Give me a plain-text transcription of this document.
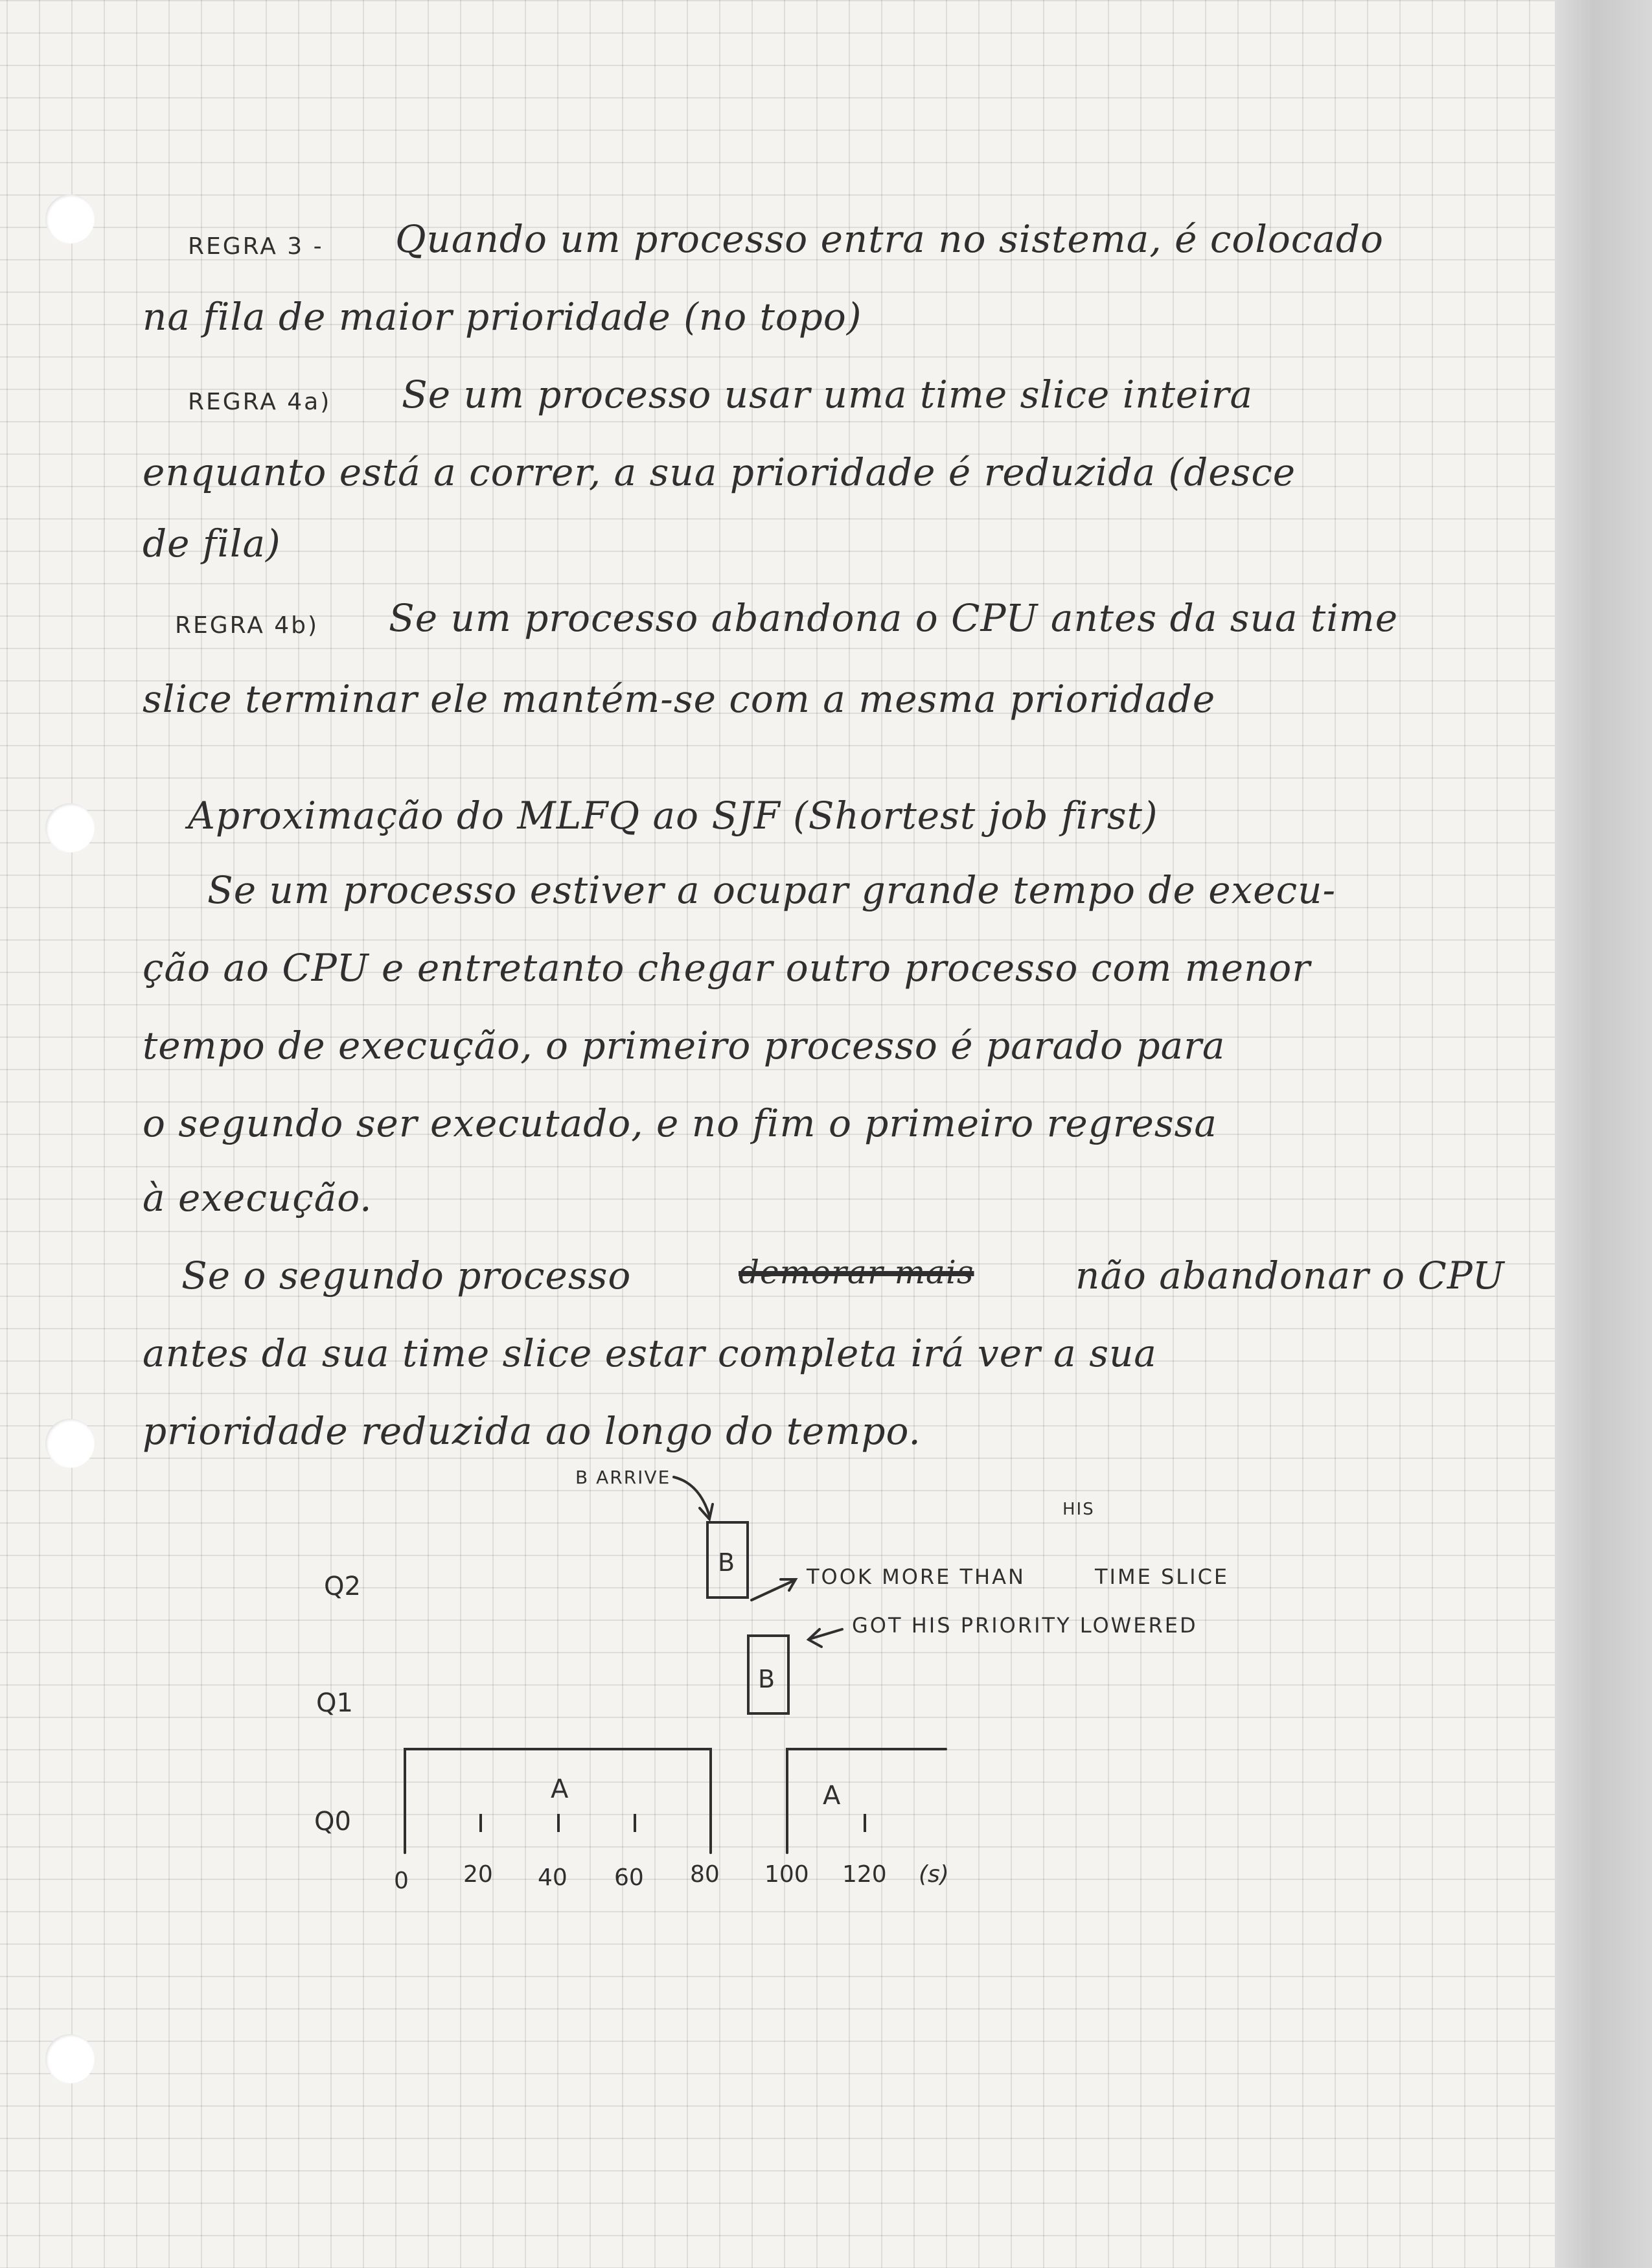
REGRA 3 - Quando um processo entra no sistema, é colocado
na fila de maior prioridade (no topo)
REGRA 4a) Se um processo usar uma time slice inteira
enquanto está a correr, a sua prioridade é reduzida (desce
de fila)
REGRA 4b) Se um processo abandona o CPU antes da sua time
slice terminar ele mantém-se com a mesma prioridade
Aproximação do MLFQ ao SJF (Shortest job first)
Se um processo estiver a ocupar grande tempo de execu-
ção ao CPU e entretanto chegar outro processo com menor
tempo de execução, o primeiro processo é parado para
o segundo ser executado, e no fim o primeiro regressa
à execução.
Se o segundo processo	demorar mais	não abandonar o CPU
antes da sua time slice estar completa irá ver a sua
prioridade reduzida ao longo do tempo.
Q2
Q1
Q0
B ARRIVE
B
B
TOOK MORE THAN
HIS
TIME SLICE
GOT HIS PRIORITY LOWERED
A	A
0 20 40 60 80 100 120 (s)
